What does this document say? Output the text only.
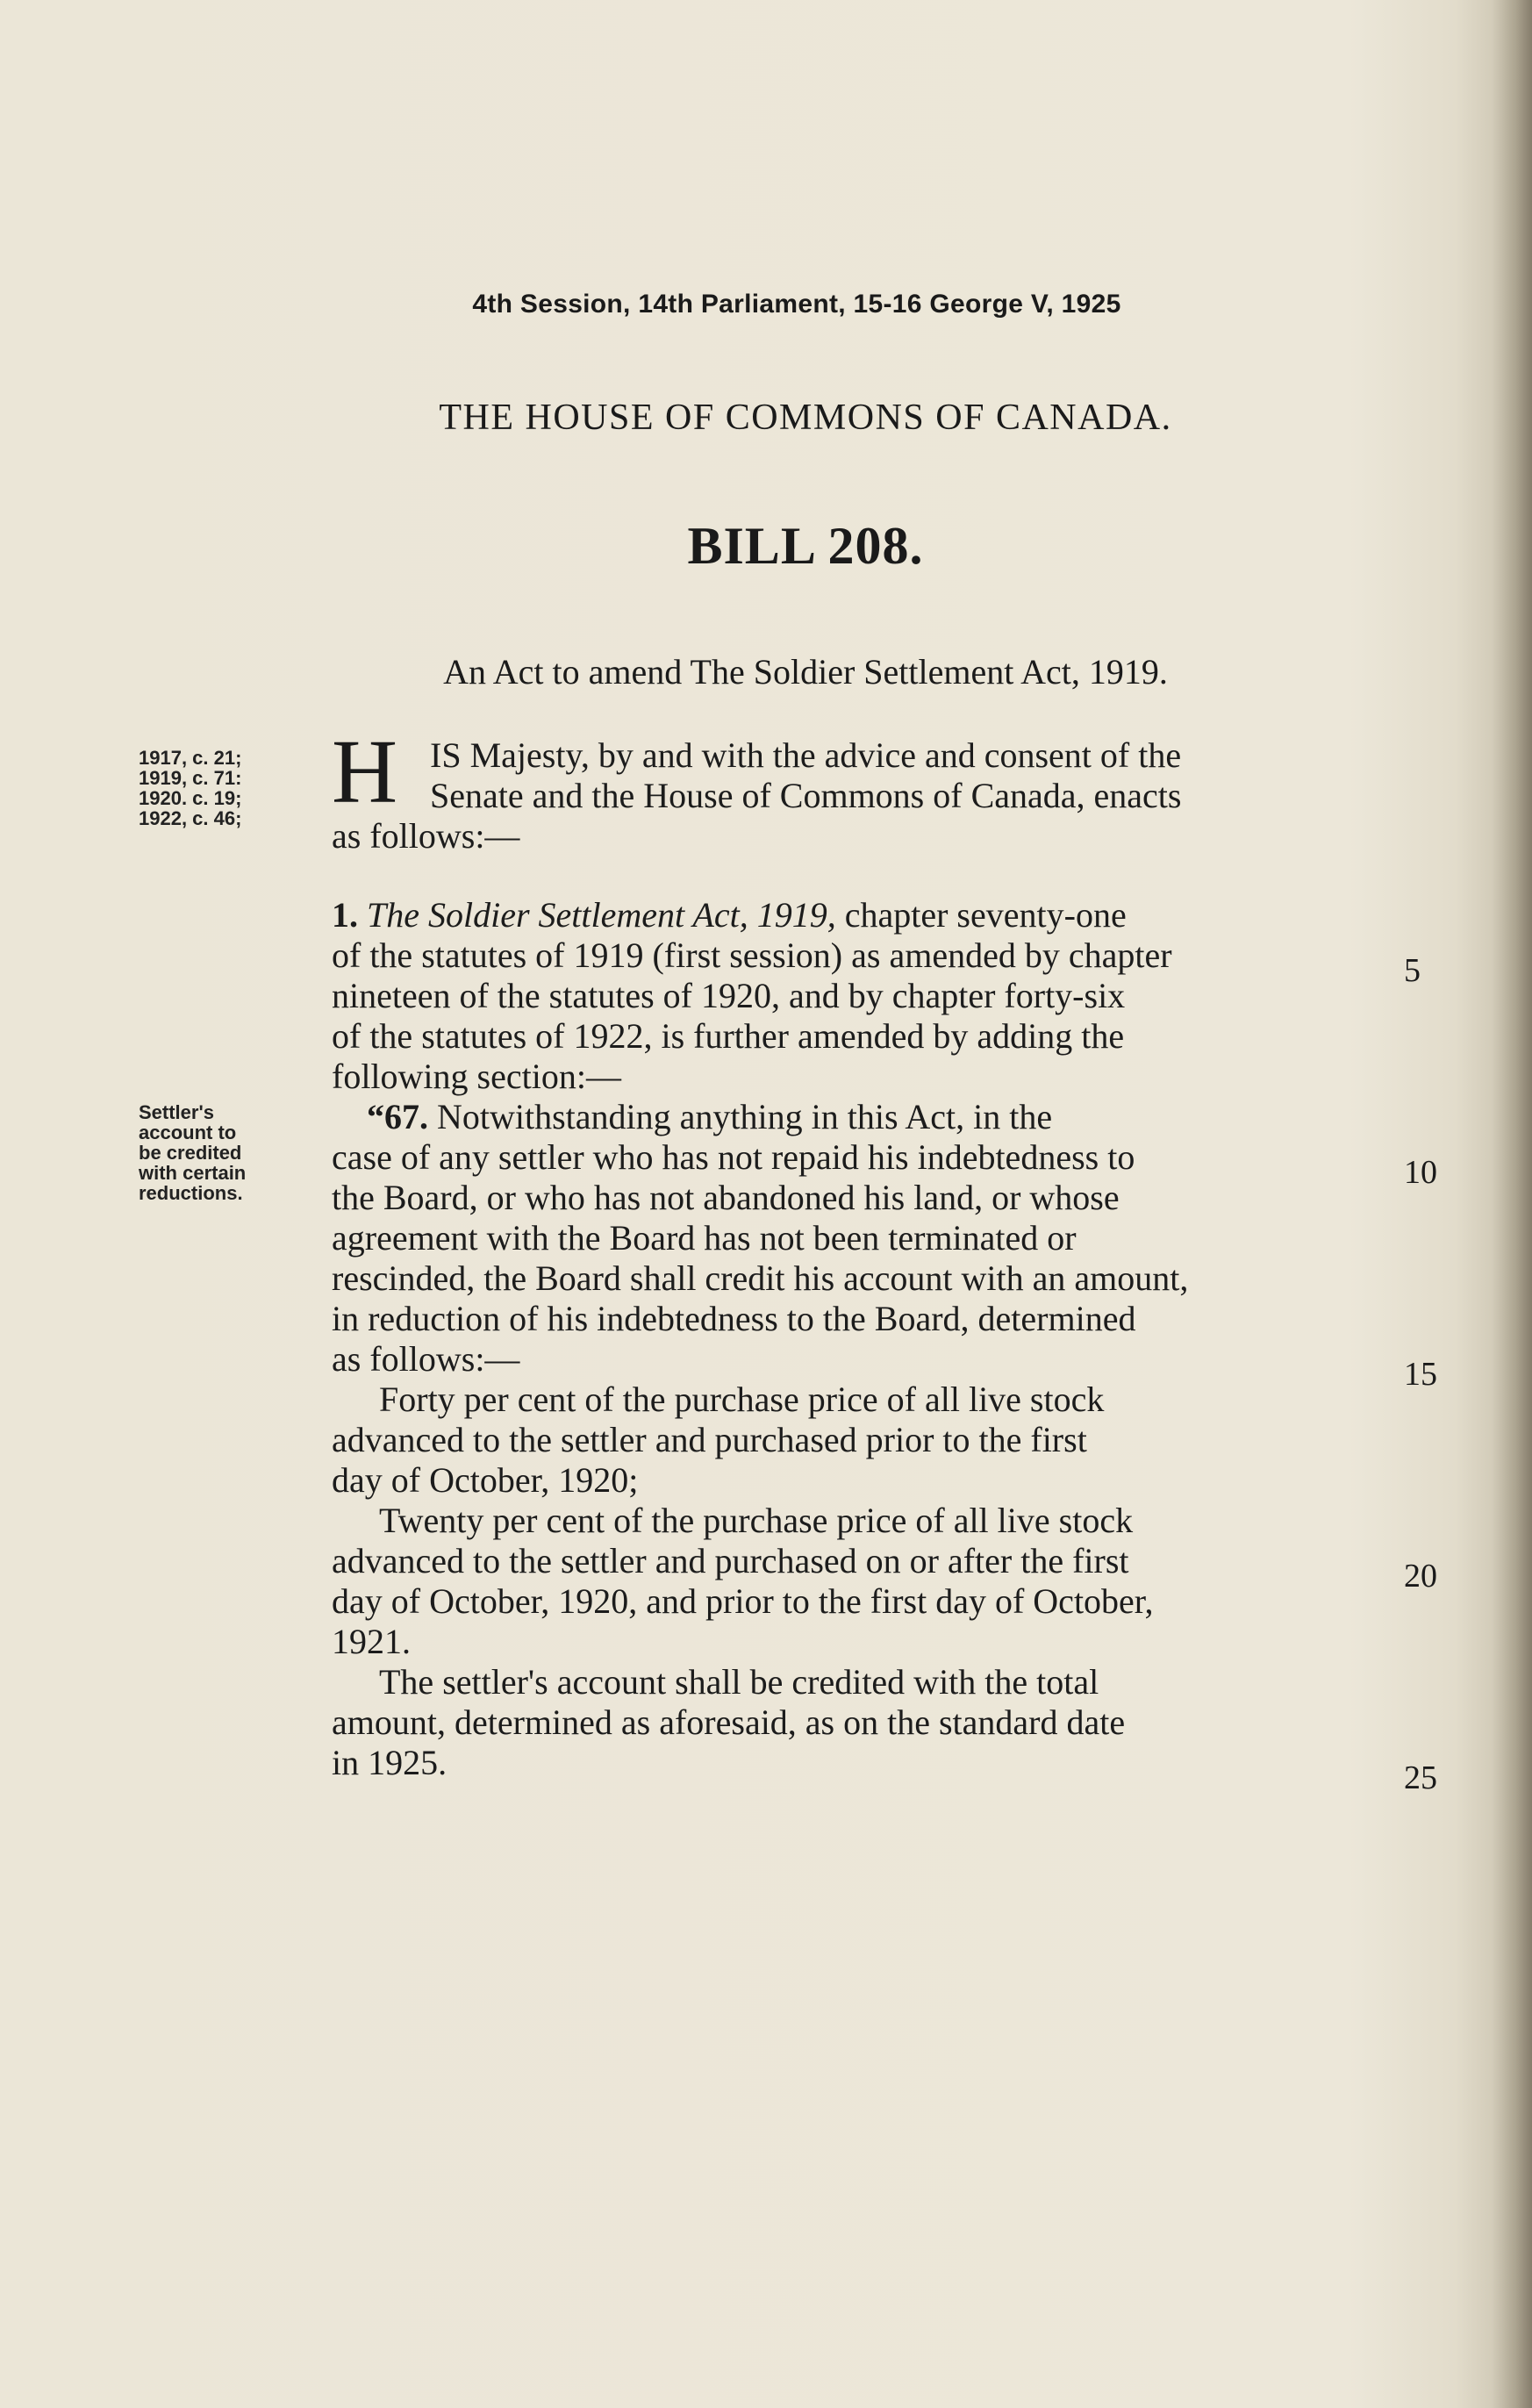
4th Session, 14th Parliament, 15-16 George V, 1925
THE HOUSE OF COMMONS OF CANADA.
BILL 208.
An Act to amend The Soldier Settlement Act, 1919.
1917, c. 21;
1919, c. 71:
1920. c. 19;
1922, c. 46;
Settler's
account to
be credited
with certain
reductions.
H IS Majesty, by and with the advice and consent of the
Senate and the House of Commons of Canada, enacts
as follows:—
1. The Soldier Settlement Act, 1919, chapter seventy-one
of the statutes of 1919 (first session) as amended by chapter
nineteen of the statutes of 1920, and by chapter forty-six
of the statutes of 1922, is further amended by adding the
following section:—
“67. Notwithstanding anything in this Act, in the
case of any settler who has not repaid his indebtedness to
the Board, or who has not abandoned his land, or whose
agreement with the Board has not been terminated or
rescinded, the Board shall credit his account with an amount,
in reduction of his indebtedness to the Board, determined
as follows:—
Forty per cent of the purchase price of all live stock
advanced to the settler and purchased prior to the first
day of October, 1920;
Twenty per cent of the purchase price of all live stock
advanced to the settler and purchased on or after the first
day of October, 1920, and prior to the first day of October,
1921.
The settler's account shall be credited with the total
amount, determined as aforesaid, as on the standard date
in 1925.
5
10
15
20
25
